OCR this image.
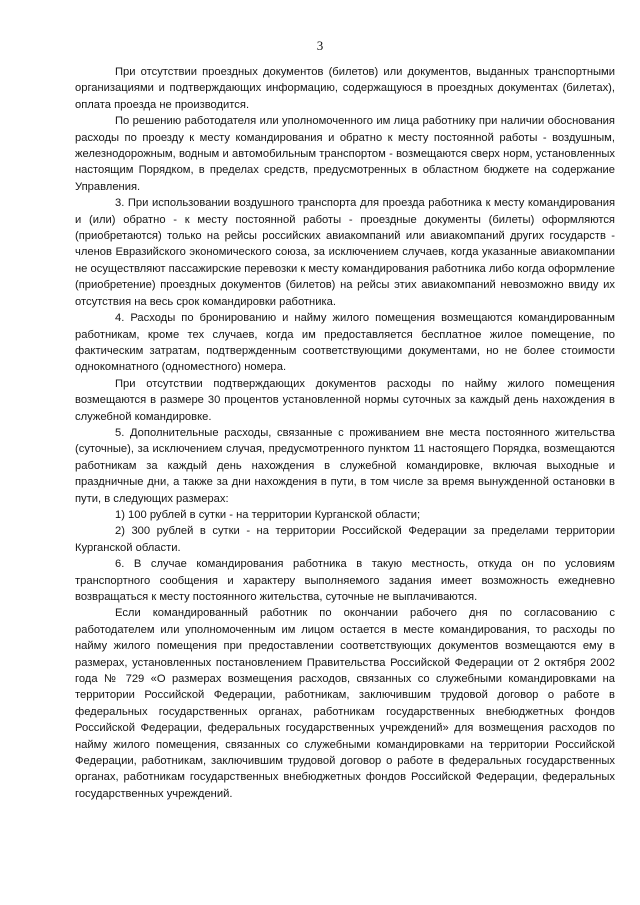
3

При отсутствии проездных документов (билетов) или документов, выданных транспортными организациями и подтверждающих информацию, содержащуюся в проездных документах (билетах), оплата проезда не производится.

По решению работодателя или уполномоченного им лица работнику при наличии обоснования расходы по проезду к месту командирования и обратно к месту постоянной работы - воздушным, железнодорожным, водным и автомобильным транспортом - возмещаются сверх норм, установленных настоящим Порядком, в пределах средств, предусмотренных в областном бюджете на содержание Управления.

3. При использовании воздушного транспорта для проезда работника к месту командирования и (или) обратно - к месту постоянной работы - проездные документы (билеты) оформляются (приобретаются) только на рейсы российских авиакомпаний или авиакомпаний других государств - членов Евразийского экономического союза, за исключением случаев, когда указанные авиакомпании не осуществляют пассажирские перевозки к месту командирования работника либо когда оформление (приобретение) проездных документов (билетов) на рейсы этих авиакомпаний невозможно ввиду их отсутствия на весь срок командировки работника.

4. Расходы по бронированию и найму жилого помещения возмещаются командированным работникам, кроме тех случаев, когда им предоставляется бесплатное жилое помещение, по фактическим затратам, подтвержденным соответствующими документами, но не более стоимости однокомнатного (одноместного) номера.

При отсутствии подтверждающих документов расходы по найму жилого помещения возмещаются в размере 30 процентов установленной нормы суточных за каждый день нахождения в служебной командировке.

5. Дополнительные расходы, связанные с проживанием вне места постоянного жительства (суточные), за исключением случая, предусмотренного пунктом 11 настоящего Порядка, возмещаются работникам за каждый день нахождения в служебной командировке, включая выходные и праздничные дни, а также за дни нахождения в пути, в том числе за время вынужденной остановки в пути, в следующих размерах:

1) 100 рублей в сутки - на территории Курганской области;

2) 300 рублей в сутки - на территории Российской Федерации за пределами территории Курганской области.

6. В случае командирования работника в такую местность, откуда он по условиям транспортного сообщения и характеру выполняемого задания имеет возможность ежедневно возвращаться к месту постоянного жительства, суточные не выплачиваются.

Если командированный работник по окончании рабочего дня по согласованию с работодателем или уполномоченным им лицом остается в месте командирования, то расходы по найму жилого помещения при предоставлении соответствующих документов возмещаются ему в размерах, установленных постановлением Правительства Российской Федерации от 2 октября 2002 года № 729 «О размерах возмещения расходов, связанных со служебными командировками на территории Российской Федерации, работникам, заключившим трудовой договор о работе в федеральных государственных органах, работникам государственных внебюджетных фондов Российской Федерации, федеральных государственных учреждений» для возмещения расходов по найму жилого помещения, связанных со служебными командировками на территории Российской Федерации, работникам, заключившим трудовой договор о работе в федеральных государственных органах, работникам государственных внебюджетных фондов Российской Федерации, федеральных государственных учреждений.
